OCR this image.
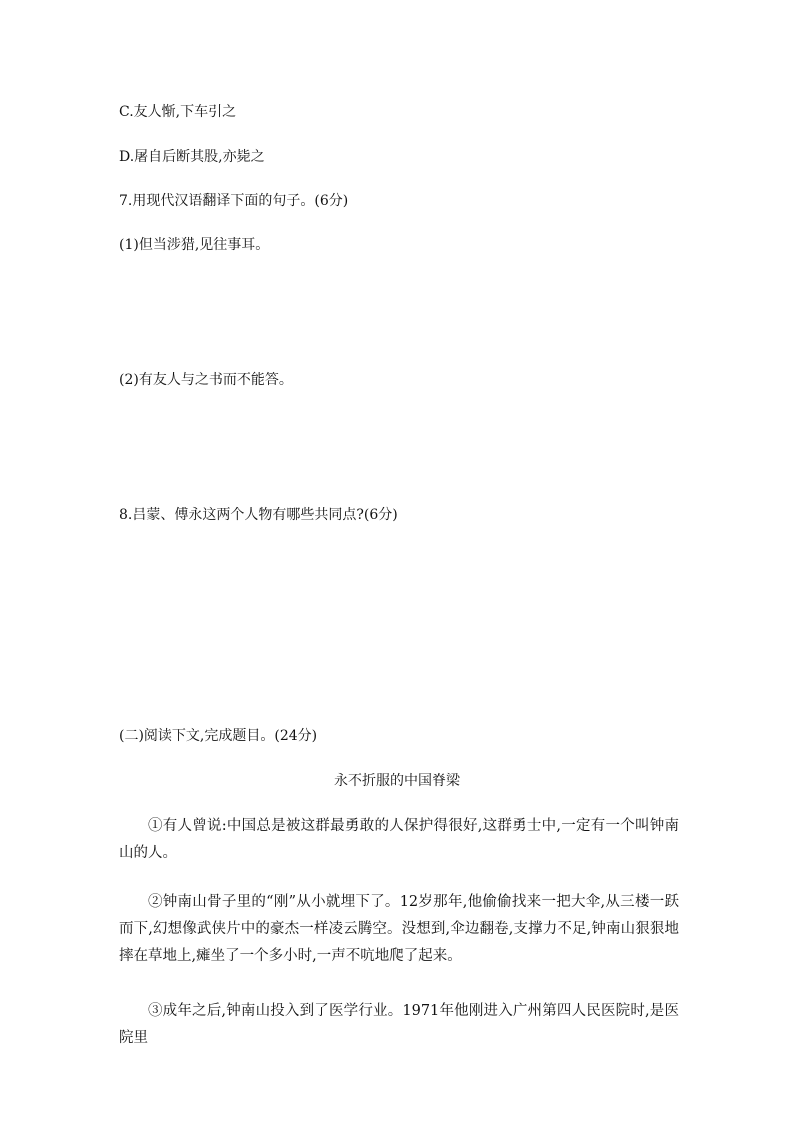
C.友人惭,下车引之

D.屠自后断其股,亦毙之

7.用现代汉语翻译下面的句子。(6分)

(1)但当涉猎,见往事耳。

(2)有友人与之书而不能答。

8.吕蒙、傅永这两个人物有哪些共同点?(6分)

(二)阅读下文,完成题目。(24分)

永不折服的中国脊梁

①有人曾说:中国总是被这群最勇敢的人保护得很好,这群勇士中,一定有一个叫钟南山的人。

②钟南山骨子里的“刚”从小就埋下了。12岁那年,他偷偷找来一把大伞,从三楼一跃而下,幻想像武侠片中的豪杰一样凌云腾空。没想到,伞边翻卷,支撑力不足,钟南山狠狠地摔在草地上,瘫坐了一个多小时,一声不吭地爬了起来。

③成年之后,钟南山投入到了医学行业。1971年他刚进入广州第四人民医院时,是医院里
